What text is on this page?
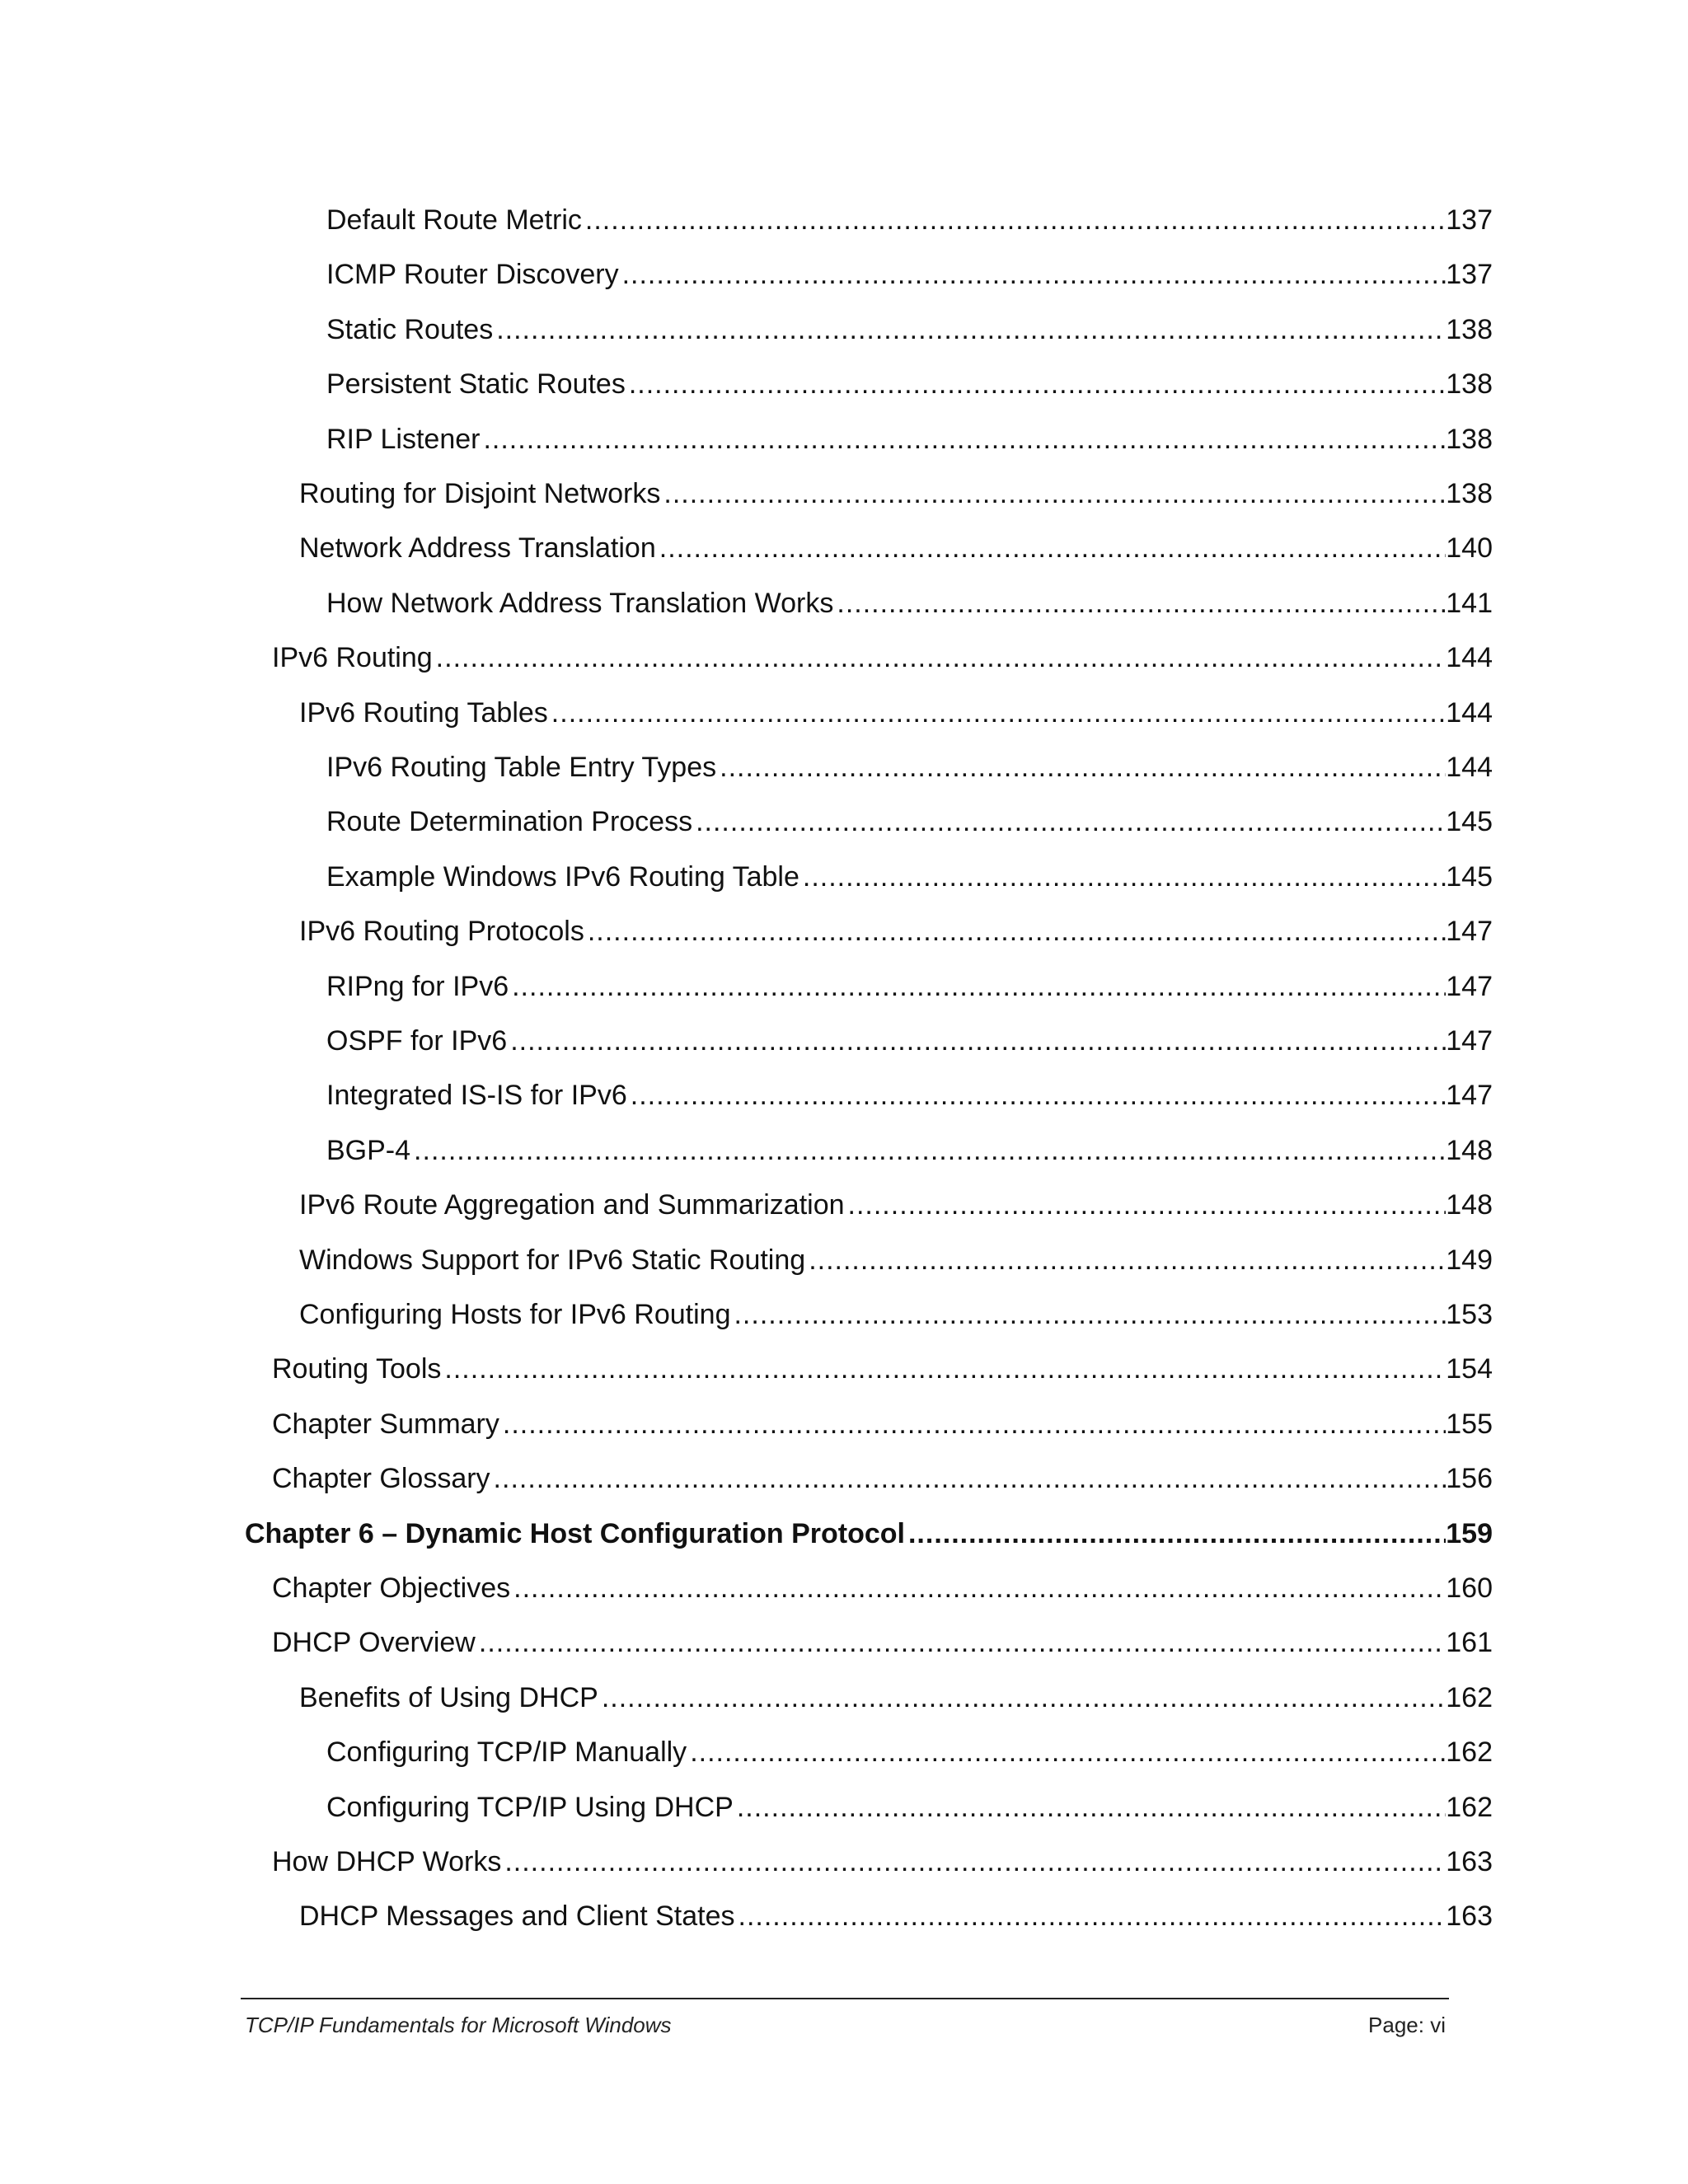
Default Route Metric .....	137
ICMP Router Discovery .....	137
Static Routes .....	138
Persistent Static Routes .....	138
RIP Listener .....	138
Routing for Disjoint Networks .....	138
Network Address Translation .....	140
How Network Address Translation Works .....	141
IPv6 Routing .....	144
IPv6 Routing Tables .....	144
IPv6 Routing Table Entry Types .....	144
Route Determination Process .....	145
Example Windows IPv6 Routing Table .....	145
IPv6 Routing Protocols .....	147
RIPng for IPv6 .....	147
OSPF for IPv6 .....	147
Integrated IS-IS for IPv6 .....	147
BGP-4 .....	148
IPv6 Route Aggregation and Summarization .....	148
Windows Support for IPv6 Static Routing .....	149
Configuring Hosts for IPv6 Routing .....	153
Routing Tools .....	154
Chapter Summary .....	155
Chapter Glossary .....	156
Chapter 6 – Dynamic Host Configuration Protocol .....	159
Chapter Objectives .....	160
DHCP Overview .....	161
Benefits of Using DHCP .....	162
Configuring TCP/IP Manually .....	162
Configuring TCP/IP Using DHCP .....	162
How DHCP Works .....	163
DHCP Messages and Client States .....	163
TCP/IP Fundamentals for Microsoft Windows	Page: vi
